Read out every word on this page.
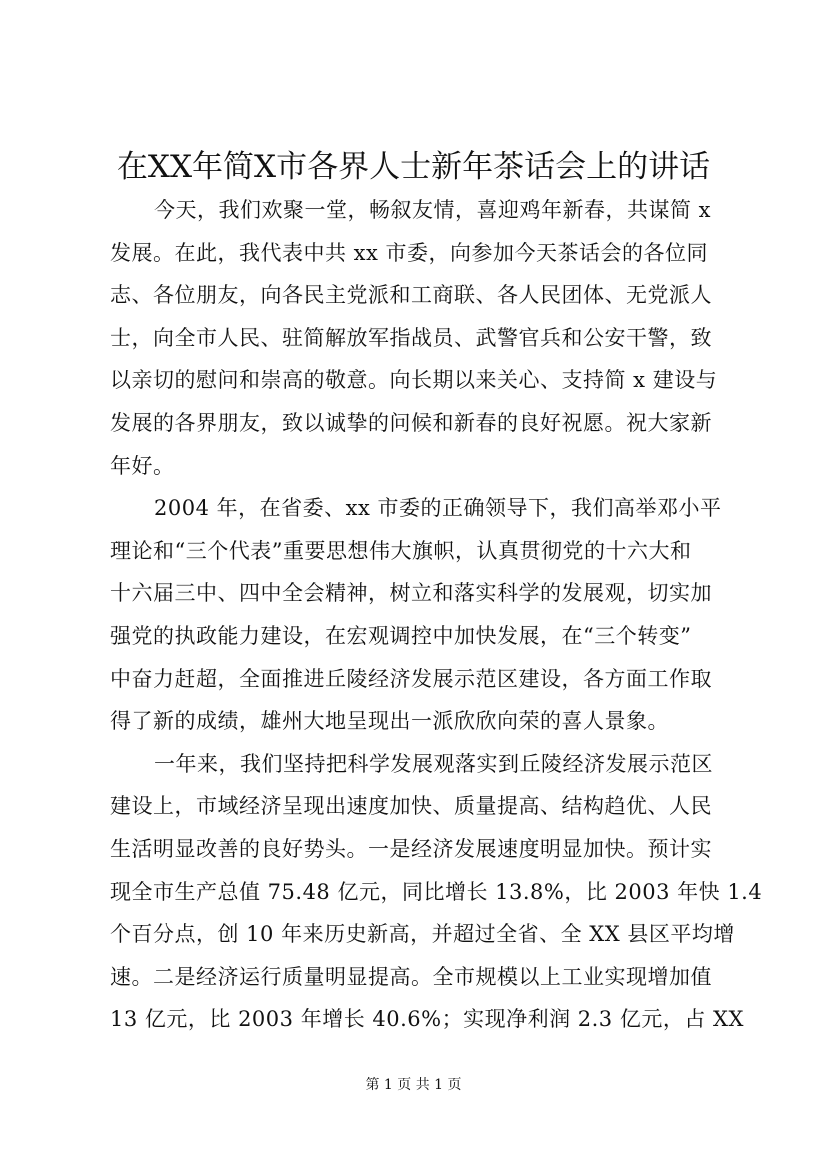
在XX年简X市各界人士新年茶话会上的讲话
今天，我们欢聚一堂，畅叙友情，喜迎鸡年新春，共谋简 x
发展。在此，我代表中共 xx 市委，向参加今天茶话会的各位同
志、各位朋友，向各民主党派和工商联、各人民团体、无党派人
士，向全市人民、驻简解放军指战员、武警官兵和公安干警，致
以亲切的慰问和崇高的敬意。向长期以来关心、支持简 x 建设与
发展的各界朋友，致以诚挚的问候和新春的良好祝愿。祝大家新
年好。
2004 年，在省委、xx 市委的正确领导下，我们高举邓小平
理论和“三个代表”重要思想伟大旗帜，认真贯彻党的十六大和
十六届三中、四中全会精神，树立和落实科学的发展观，切实加
强党的执政能力建设，在宏观调控中加快发展，在“三个转变”
中奋力赶超，全面推进丘陵经济发展示范区建设，各方面工作取
得了新的成绩，雄州大地呈现出一派欣欣向荣的喜人景象。
一年来，我们坚持把科学发展观落实到丘陵经济发展示范区
建设上，市域经济呈现出速度加快、质量提高、结构趋优、人民
生活明显改善的良好势头。一是经济发展速度明显加快。预计实
现全市生产总值 75.48 亿元，同比增长 13.8%，比 2003 年快 1.4
个百分点，创 10 年来历史新高，并超过全省、全 XX 县区平均增
速。二是经济运行质量明显提高。全市规模以上工业实现增加值
13 亿元，比 2003 年增长 40.6%；实现净利润 2.3 亿元，占 XX
第 1 页 共 1 页
